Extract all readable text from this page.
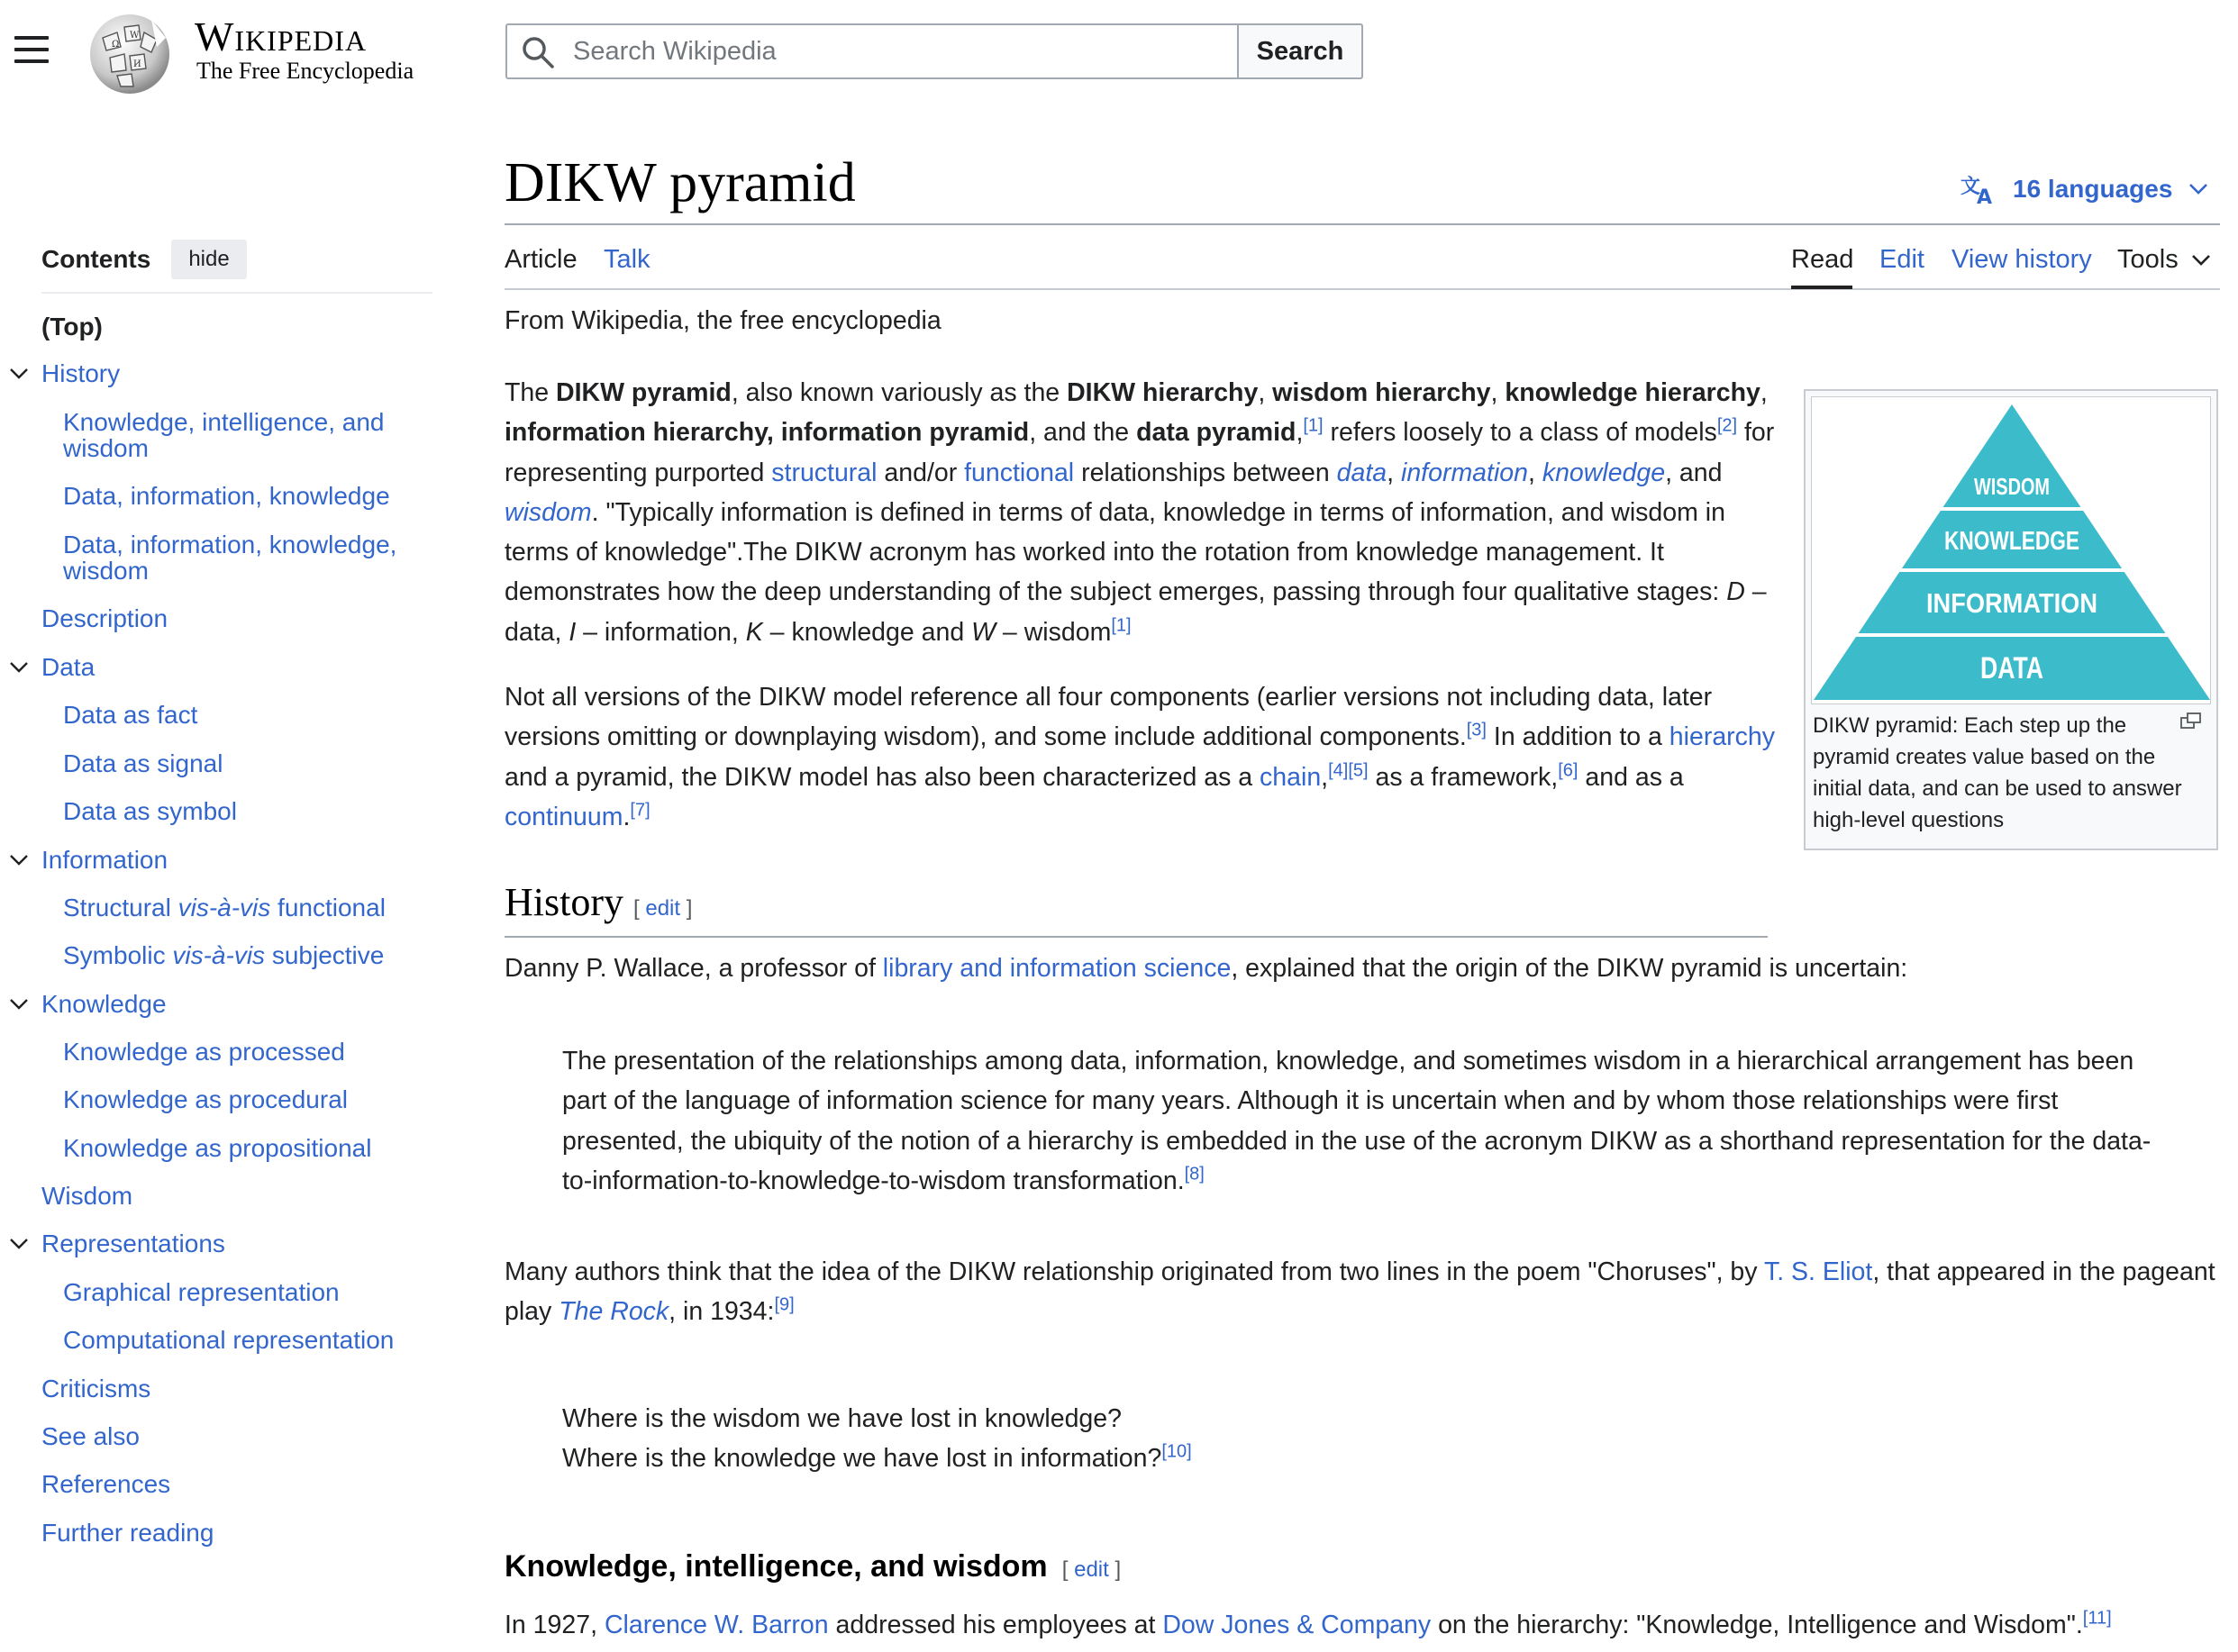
Ω
W
И
Wikipedia
The Free Encyclopedia
Search Wikipedia
Search
DIKW pyramid	文
A 16 languages
Article Talk	Read Edit View history Tools
Contents	hide
(Top)
History
Knowledge, intelligence, and wisdom
Data, information, knowledge
Data, information, knowledge, wisdom
Description
Data
Data as fact
Data as signal
Data as symbol
Information
Structural vis-à-vis functional
Symbolic vis-à-vis subjective
Knowledge
Knowledge as processed
Knowledge as procedural
Knowledge as propositional
Wisdom
Representations
Graphical representation
Computational representation
Criticisms
See also
References
Further reading
From Wikipedia, the free encyclopedia
The DIKW pyramid, also known variously as the DIKW hierarchy, wisdom hierarchy, knowledge hierarchy, information hierarchy, information pyramid, and the data pyramid,[1] refers loosely to a class of models[2] for representing purported structural and/or functional relationships between data, information, knowledge, and wisdom. "Typically information is defined in terms of data, knowledge in terms of information, and wisdom in terms of knowledge".The DIKW acronym has worked into the rotation from knowledge management. It demonstrates how the deep understanding of the subject emerges, passing through four qualitative stages: D – data, I – information, K – knowledge and W – wisdom[1]
Not all versions of the DIKW model reference all four components (earlier versions not including data, later versions omitting or downplaying wisdom), and some include additional components.[3] In addition to a hierarchy and a pyramid, the DIKW model has also been characterized as a chain,[4][5] as a framework,[6] and as a continuum.[7]
WISDOM
KNOWLEDGE
INFORMATION
DATA
DIKW pyramid: Each step up the pyramid creates value based on the initial data, and can be used to answer high-level questions
History [ edit ]
Danny P. Wallace, a professor of library and information science, explained that the origin of the DIKW pyramid is uncertain:
The presentation of the relationships among data, information, knowledge, and sometimes wisdom in a hierarchical arrangement has been part of the language of information science for many years. Although it is uncertain when and by whom those relationships were first presented, the ubiquity of the notion of a hierarchy is embedded in the use of the acronym DIKW as a shorthand representation for the data-to-information-to-knowledge-to-wisdom transformation.[8]
Many authors think that the idea of the DIKW relationship originated from two lines in the poem "Choruses", by T. S. Eliot, that appeared in the pageant play The Rock, in 1934:[9]
Where is the wisdom we have lost in knowledge?
Where is the knowledge we have lost in information?[10]
Knowledge, intelligence, and wisdom  [ edit ]
In 1927, Clarence W. Barron addressed his employees at Dow Jones & Company on the hierarchy: "Knowledge, Intelligence and Wisdom".[11]
